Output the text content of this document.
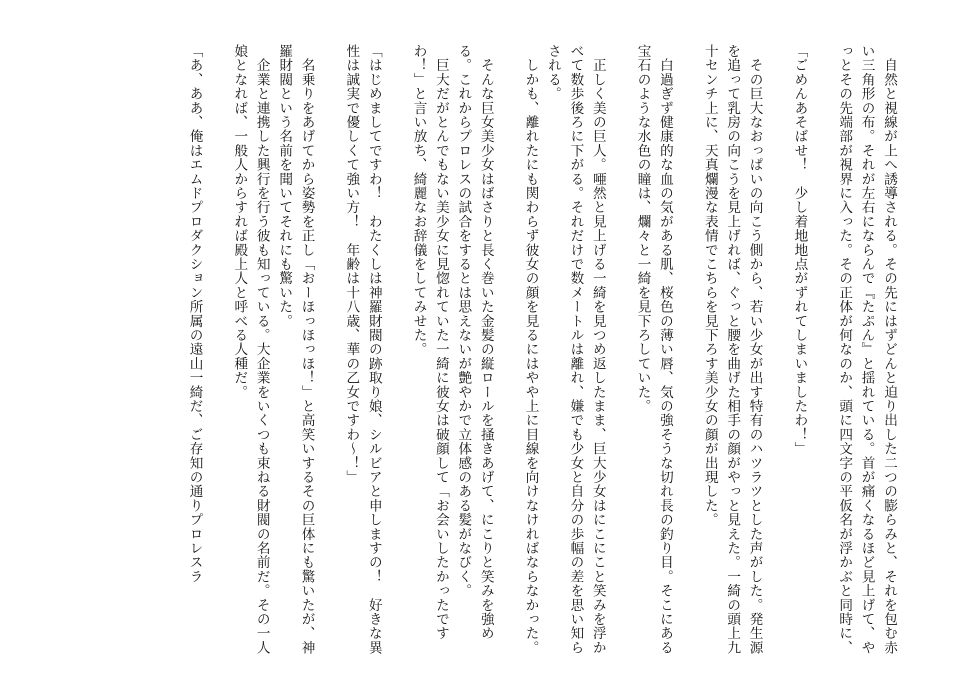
　自然と視線が上へ誘導される。その先にはずどんと迫り出した二つの膨らみと、それを包む赤い三角形の布。それが左右にならんで『たぷん』と揺れている。首が痛くなるほど見上げて、やっとその先端部が視界に入った。その正体が何なのか、頭に四文字の平仮名が浮かぶと同時に、

「ごめんあそばせ！　少し着地地点がずれてしまいましたわ！」

　その巨大なおっぱいの向こう側から、若い少女が出す特有のハツラツとした声がした。発生源を追って乳房の向こうを見上げれば、ぐっと腰を曲げた相手の顔がやっと見えた。一綺の頭上九十センチ上に、天真爛漫な表情でこちらを見下ろす美少女の顔が出現した。

　白過ぎず健康的な血の気がある肌、桜色の薄い唇、気の強そうな切れ長の釣り目。そこにある宝石のような水色の瞳は、爛々と一綺を見下ろしていた。

　正しく美の巨人。唖然と見上げる一綺を見つめ返したまま、巨大少女はにこにこと笑みを浮かべて数歩後ろに下がる。それだけで数メートルは離れ、嫌でも少女と自分の歩幅の差を思い知らされる。

　しかも、離れたにも関わらず彼女の顔を見るにはやや上に目線を向けなければならなかった。

　そんな巨女美少女はばさりと長く巻いた金髪の縦ロールを掻きあげて、にこりと笑みを強める。これからプロレスの試合をするとは思えないが艶やかで立体感のある髪がなびく。

　巨大だがとんでもない美少女に見惚れていた一綺に彼女は破顔して「お会いしたかったですわ！」と言い放ち、綺麗なお辞儀をしてみせた。

「はじめましてですわ！　わたくしは神羅財閥の跡取り娘、シルビアと申しますの！　好きな異性は誠実で優しくて強い方！　年齢は十八歳、華の乙女ですわ～！」

　名乗りをあげてから姿勢を正し「おーほっほっほ！」と高笑いするその巨体にも驚いたが、神羅財閥という名前を聞いてそれにも驚いた。

　企業と連携した興行を行う彼も知っている。大企業をいくつも束ねる財閥の名前だ。その一人娘となれば、一般人からすれば殿上人と呼べる人種だ。

「あ、ああ、俺はエムドプロダクション所属の遠山一綺だ、ご存知の通りプロレスラ
